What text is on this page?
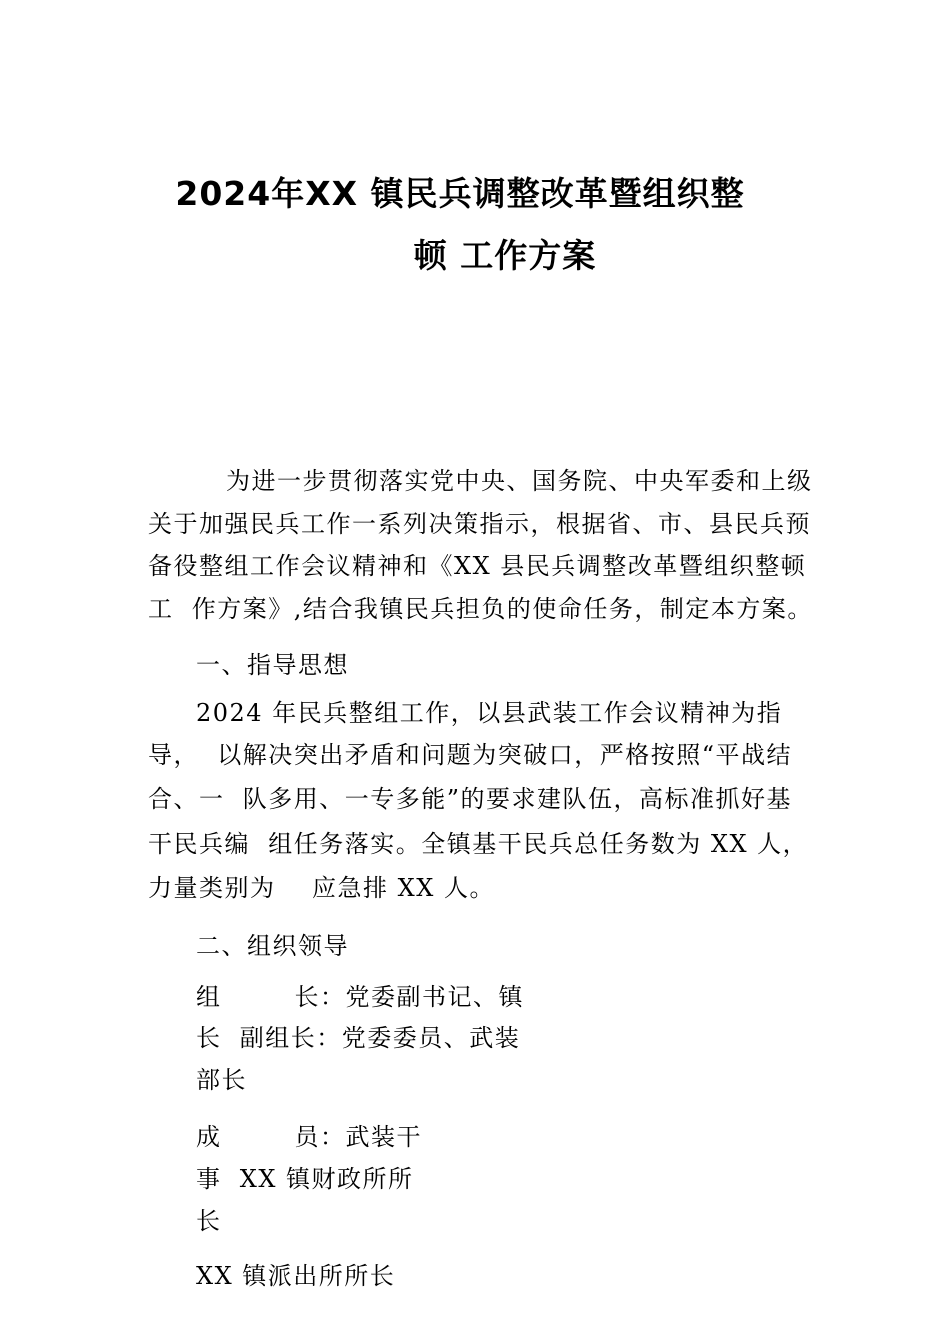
2024年XX 镇民兵调整改革暨组织整
顿 工作方案
为进一步贯彻落实党中央、国务院、中央军委和上级
关于加强民兵工作一系列决策指示，根据省、市、县民兵预
备役整组工作会议精神和《XX 县民兵调整改革暨组织整顿
工  作方案》,结合我镇民兵担负的使命任务，制定本方案。
一、指导思想
2024 年民兵整组工作，以县武装工作会议精神为指
导，  以解决突出矛盾和问题为突破口，严格按照“平战结
合、一  队多用、一专多能”的要求建队伍，高标准抓好基
干民兵编  组任务落实。全镇基干民兵总任务数为 XX 人，
力量类别为    应急排 XX 人。
二、组织领导
组        长：党委副书记、镇
长  副组长：党委委员、武装
部长
成        员：武装干
事  XX 镇财政所所
长
XX 镇派出所所长
